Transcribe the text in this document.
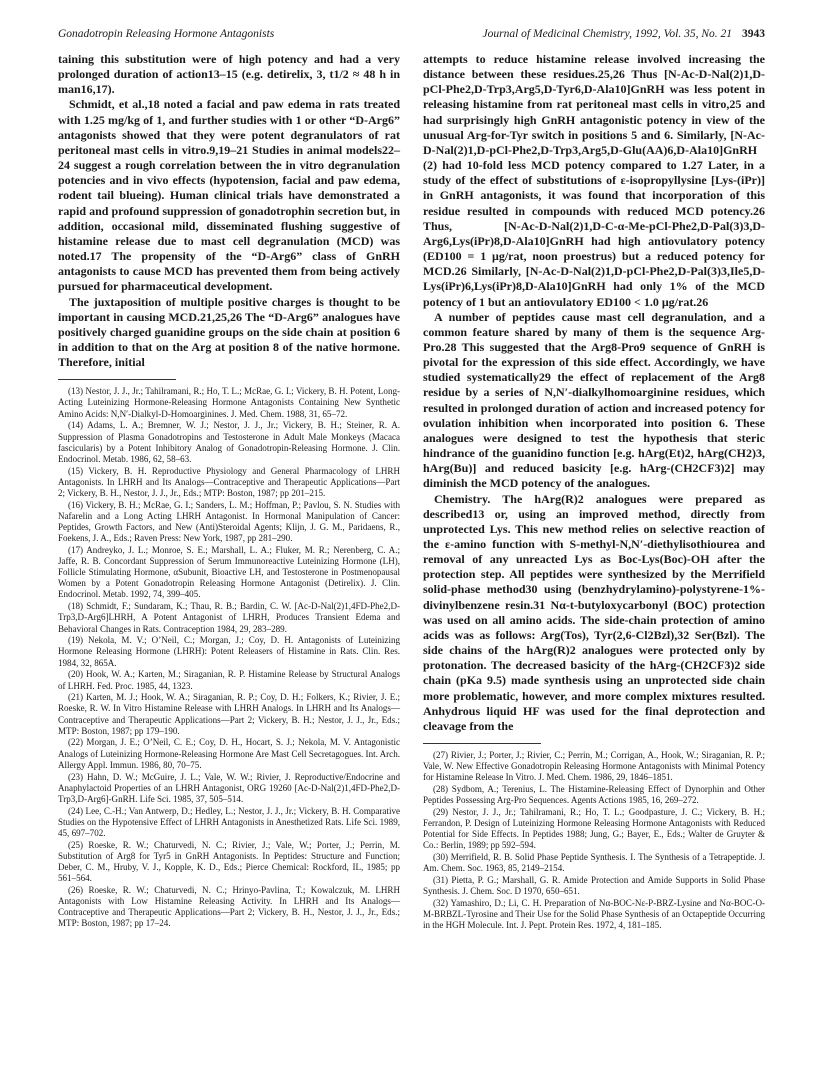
Gonadotropin Releasing Hormone Antagonists	Journal of Medicinal Chemistry, 1992, Vol. 35, No. 21 3943

taining this substitution were of high potency and had a very prolonged duration of action13–15 (e.g. detirelix, 3, t1/2 ≈ 48 h in man16,17).

Schmidt, et al.,18 noted a facial and paw edema in rats treated with 1.25 mg/kg of 1, and further studies with 1 or other “D-Arg6” antagonists showed that they were potent degranulators of rat peritoneal mast cells in vitro.9,19–21 Studies in animal models22–24 suggest a rough correlation between the in vitro degranulation potencies and in vivo effects (hypotension, facial and paw edema, rodent tail blueing). Human clinical trials have demonstrated a rapid and profound suppression of gonadotrophin secretion but, in addition, occasional mild, disseminated flushing suggestive of histamine release due to mast cell degranulation (MCD) was noted.17 The propensity of the “D-Arg6” class of GnRH antagonists to cause MCD has prevented them from being actively pursued for pharmaceutical development.

The juxtaposition of multiple positive charges is thought to be important in causing MCD.21,25,26 The “D-Arg6” analogues have positively charged guanidine groups on the side chain at position 6 in addition to that on the Arg at position 8 of the native hormone. Therefore, initial

(13) Nestor, J. J., Jr.; Tahilramani, R.; Ho, T. L.; McRae, G. I.; Vickery, B. H. Potent, Long-Acting Luteinizing Hormone-Releasing Hormone Antagonists Containing New Synthetic Amino Acids: N,N′-Dialkyl-D-Homoarginines. J. Med. Chem. 1988, 31, 65–72.
(14) Adams, L. A.; Bremner, W. J.; Nestor, J. J., Jr.; Vickery, B. H.; Steiner, R. A. Suppression of Plasma Gonadotropins and Testosterone in Adult Male Monkeys (Macaca fascicularis) by a Potent Inhibitory Analog of Gonadotropin-Releasing Hormone. J. Clin. Endocrinol. Metab. 1986, 62, 58–63.
(15) Vickery, B. H. Reproductive Physiology and General Pharmacology of LHRH Antagonists. In LHRH and Its Analogs—Contraceptive and Therapeutic Applications—Part 2; Vickery, B. H., Nestor, J. J., Jr., Eds.; MTP: Boston, 1987; pp 201–215.
(16) Vickery, B. H.; McRae, G. I.; Sanders, L. M.; Hoffman, P.; Pavlou, S. N. Studies with Nafarelin and a Long Acting LHRH Antagonist. In Hormonal Manipulation of Cancer: Peptides, Growth Factors, and New (Anti)Steroidal Agents; Klijn, J. G. M., Paridaens, R., Foekens, J. A., Eds.; Raven Press: New York, 1987, pp 281–290.
(17) Andreyko, J. L.; Monroe, S. E.; Marshall, L. A.; Fluker, M. R.; Nerenberg, C. A.; Jaffe, R. B. Concordant Suppression of Serum Immunoreactive Luteinizing Hormone (LH), Follicle Stimulating Hormone, αSubunit, Bioactive LH, and Testosterone in Postmenopausal Women by a Potent Gonadotropin Releasing Hormone Antagonist (Detirelix). J. Clin. Endocrinol. Metab. 1992, 74, 399–405.
(18) Schmidt, F.; Sundaram, K.; Thau, R. B.; Bardin, C. W. [Ac-D-Nal(2)1,4FD-Phe2,D-Trp3,D-Arg6]LHRH, A Potent Antagonist of LHRH, Produces Transient Edema and Behavioral Changes in Rats. Contraception 1984, 29, 283–289.
(19) Nekola, M. V.; O’Neil, C.; Morgan, J.; Coy, D. H. Antagonists of Luteinizing Hormone Releasing Hormone (LHRH): Potent Releasers of Histamine in Rats. Clin. Res. 1984, 32, 865A.
(20) Hook, W. A.; Karten, M.; Siraganian, R. P. Histamine Release by Structural Analogs of LHRH. Fed. Proc. 1985, 44, 1323.
(21) Karten, M. J.; Hook, W. A.; Siraganian, R. P.; Coy, D. H.; Folkers, K.; Rivier, J. E.; Roeske, R. W. In Vitro Histamine Release with LHRH Analogs. In LHRH and Its Analogs—Contraceptive and Therapeutic Applications—Part 2; Vickery, B. H.; Nestor, J. J., Jr., Eds.; MTP: Boston, 1987; pp 179–190.
(22) Morgan, J. E.; O’Neil, C. E.; Coy, D. H., Hocart, S. J.; Nekola, M. V. Antagonistic Analogs of Luteinizing Hormone-Releasing Hormone Are Mast Cell Secretagogues. Int. Arch. Allergy Appl. Immun. 1986, 80, 70–75.
(23) Hahn, D. W.; McGuire, J. L.; Vale, W. W.; Rivier, J. Reproductive/Endocrine and Anaphylactoid Properties of an LHRH Antagonist, ORG 19260 [Ac-D-Nal(2)1,4FD-Phe2,D-Trp3,D-Arg6]-GnRH. Life Sci. 1985, 37, 505–514.
(24) Lee, C.-H.; Van Antwerp, D.; Hedley, L.; Nestor, J. J., Jr.; Vickery, B. H. Comparative Studies on the Hypotensive Effect of LHRH Antagonists in Anesthetized Rats. Life Sci. 1989, 45, 697–702.
(25) Roeske, R. W.; Chaturvedi, N. C.; Rivier, J.; Vale, W.; Porter, J.; Perrin, M. Substitution of Arg8 for Tyr5 in GnRH Antagonists. In Peptides: Structure and Function; Deber, C. M., Hruby, V. J., Kopple, K. D., Eds.; Pierce Chemical: Rockford, IL, 1985; pp 561–564.
(26) Roeske, R. W.; Chaturvedi, N. C.; Hrinyo-Pavlina, T.; Kowalczuk, M. LHRH Antagonists with Low Histamine Releasing Activity. In LHRH and Its Analogs—Contraceptive and Therapeutic Applications—Part 2; Vickery, B. H., Nestor, J. J., Jr., Eds.; MTP: Boston, 1987; pp 17–24.

attempts to reduce histamine release involved increasing the distance between these residues.25,26 Thus [N-Ac-D-Nal(2)1,D-pCl-Phe2,D-Trp3,Arg5,D-Tyr6,D-Ala10]GnRH was less potent in releasing histamine from rat peritoneal mast cells in vitro,25 and had surprisingly high GnRH antagonistic potency in view of the unusual Arg-for-Tyr switch in positions 5 and 6. Similarly, [N-Ac-D-Nal(2)1,D-pCl-Phe2,D-Trp3,Arg5,D-Glu(AA)6,D-Ala10]GnRH (2) had 10-fold less MCD potency compared to 1.27 Later, in a study of the effect of substitutions of ε-isopropyllysine [Lys-(iPr)] in GnRH antagonists, it was found that incorporation of this residue resulted in compounds with reduced MCD potency.26 Thus, [N-Ac-D-Nal(2)1,D-C-α-Me-pCl-Phe2,D-Pal(3)3,D-Arg6,Lys(iPr)8,D-Ala10]GnRH had high antiovulatory potency (ED100 = 1 μg/rat, noon proestrus) but a reduced potency for MCD.26 Similarly, [N-Ac-D-Nal(2)1,D-pCl-Phe2,D-Pal(3)3,Ile5,D-Lys(iPr)6,Lys(iPr)8,D-Ala10]GnRH had only 1% of the MCD potency of 1 but an antiovulatory ED100 < 1.0 μg/rat.26

A number of peptides cause mast cell degranulation, and a common feature shared by many of them is the sequence Arg-Pro.28 This suggested that the Arg8-Pro9 sequence of GnRH is pivotal for the expression of this side effect. Accordingly, we have studied systematically29 the effect of replacement of the Arg8 residue by a series of N,N′-dialkylhomoarginine residues, which resulted in prolonged duration of action and increased potency for ovulation inhibition when incorporated into position 6. These analogues were designed to test the hypothesis that steric hindrance of the guanidino function [e.g. hArg(Et)2, hArg(CH2)3, hArg(Bu)] and reduced basicity [e.g. hArg-(CH2CF3)2] may diminish the MCD potency of the analogues.

Chemistry. The hArg(R)2 analogues were prepared as described13 or, using an improved method, directly from unprotected Lys. This new method relies on selective reaction of the ε-amino function with S-methyl-N,N′-diethylisothiourea and removal of any unreacted Lys as Boc-Lys(Boc)-OH after the protection step. All peptides were synthesized by the Merrifield solid-phase method30 using (benzhydrylamino)-polystyrene-1%-divinylbenzene resin.31 Nα-t-butyloxycarbonyl (BOC) protection was used on all amino acids. The side-chain protection of amino acids was as follows: Arg(Tos), Tyr(2,6-Cl2Bzl),32 Ser(Bzl). The side chains of the hArg(R)2 analogues were protected only by protonation. The decreased basicity of the hArg-(CH2CF3)2 side chain (pKa 9.5) made synthesis using an unprotected side chain more problematic, however, and more complex mixtures resulted. Anhydrous liquid HF was used for the final deprotection and cleavage from the

(27) Rivier, J.; Porter, J.; Rivier, C.; Perrin, M.; Corrigan, A., Hook, W.; Siraganian, R. P.; Vale, W. New Effective Gonadotropin Releasing Hormone Antagonists with Minimal Potency for Histamine Release In Vitro. J. Med. Chem. 1986, 29, 1846–1851.
(28) Sydbom, A.; Terenius, L. The Histamine-Releasing Effect of Dynorphin and Other Peptides Possessing Arg-Pro Sequences. Agents Actions 1985, 16, 269–272.
(29) Nestor, J. J., Jr.; Tahilramani, R.; Ho, T. L.; Goodpasture, J. C.; Vickery, B. H.; Ferrandon, P. Design of Luteinizing Hormone Releasing Hormone Antagonists with Reduced Potential for Side Effects. In Peptides 1988; Jung, G.; Bayer, E., Eds.; Walter de Gruyter & Co.: Berlin, 1989; pp 592–594.
(30) Merrifield, R. B. Solid Phase Peptide Synthesis. I. The Synthesis of a Tetrapeptide. J. Am. Chem. Soc. 1963, 85, 2149–2154.
(31) Pietta, P. G.; Marshall, G. R. Amide Protection and Amide Supports in Solid Phase Synthesis. J. Chem. Soc. D 1970, 650–651.
(32) Yamashiro, D.; Li, C. H. Preparation of Nα-BOC-Nε-P-BRZ-Lysine and Nα-BOC-O-M-BRBZL-Tyrosine and Their Use for the Solid Phase Synthesis of an Octapeptide Occurring in the HGH Molecule. Int. J. Pept. Protein Res. 1972, 4, 181–185.
